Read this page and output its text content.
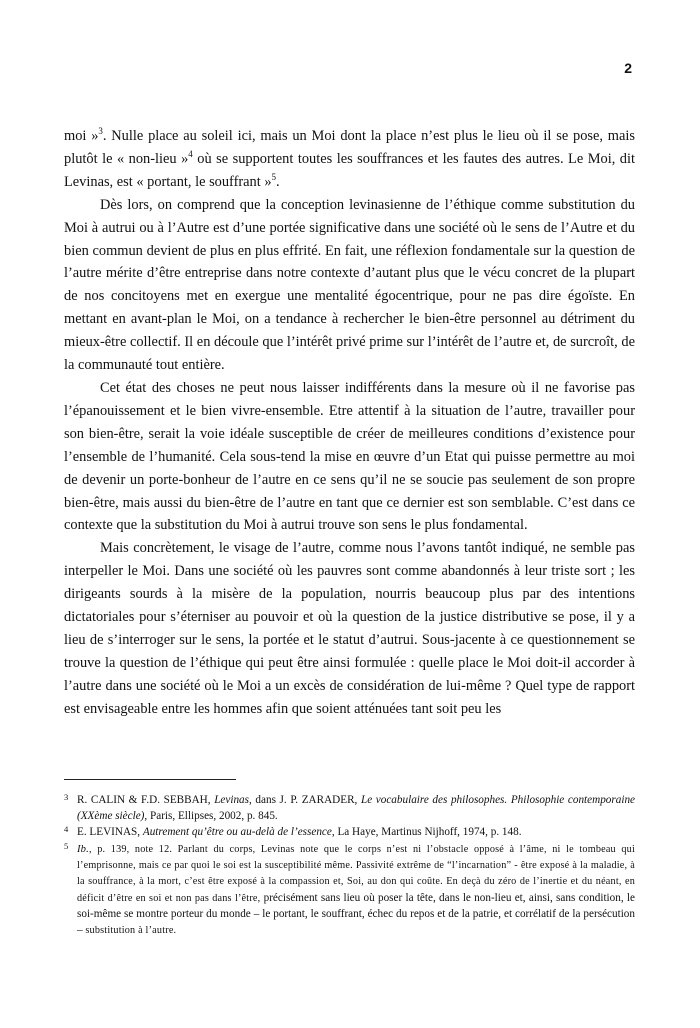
2

moi »$^3$. Nulle place au soleil ici, mais un Moi dont la place n’est plus le lieu où il se pose, mais plutôt le « non-lieu »$^4$ où se supportent toutes les souffrances et les fautes des autres. Le Moi, dit Levinas, est « portant, le souffrant »$^5$.

Dès lors, on comprend que la conception levinasienne de l’éthique comme substitution du Moi à autrui ou à l’Autre est d’une portée significative dans une société où le sens de l’Autre et du bien commun devient de plus en plus effrité. En fait, une réflexion fondamentale sur la question de l’autre mérite d’être entreprise dans notre contexte d’autant plus que le vécu concret de la plupart de nos concitoyens met en exergue une mentalité égocentrique, pour ne pas dire égoïste. En mettant en avant-plan le Moi, on a tendance à rechercher le bien-être personnel au détriment du mieux-être collectif. Il en découle que l’intérêt privé prime sur l’intérêt de l’autre et, de surcroît, de la communauté tout entière.

Cet état des choses ne peut nous laisser indifférents dans la mesure où il ne favorise pas l’épanouissement et le bien vivre-ensemble. Etre attentif à la situation de l’autre, travailler pour son bien-être, serait la voie idéale susceptible de créer de meilleures conditions d’existence pour l’ensemble de l’humanité. Cela sous-tend la mise en œuvre d’un Etat qui puisse permettre au moi de devenir un porte-bonheur de l’autre en ce sens qu’il ne se soucie pas seulement de son propre bien-être, mais aussi du bien-être de l’autre en tant que ce dernier est son semblable. C’est dans ce contexte que la substitution du Moi à autrui trouve son sens le plus fondamental.

Mais concrètement, le visage de l’autre, comme nous l’avons tantôt indiqué, ne semble pas interpeller le Moi. Dans une société où les pauvres sont comme abandonnés à leur triste sort ; les dirigeants sourds à la misère de la population, nourris beaucoup plus par des intentions dictatoriales pour s’éterniser au pouvoir et où la question de la justice distributive se pose, il y a lieu de s’interroger sur le sens, la portée et le statut d’autrui. Sous-jacente à ce questionnement se trouve la question de l’éthique qui peut être ainsi formulée : quelle place le Moi doit-il accorder à l’autre dans une société où le Moi a un excès de considération de lui-même ? Quel type de rapport est envisageable entre les hommes afin que soient atténuées tant soit peu les

3 R. CALIN & F.D. SEBBAH, Levinas, dans J. P. ZARADER, Le vocabulaire des philosophes. Philosophie contemporaine (XXème siècle), Paris, Ellipses, 2002, p. 845.

4 E. LEVINAS, Autrement qu’être ou au-delà de l’essence, La Haye, Martinus Nijhoff, 1974, p. 148.

5 Ib., p. 139, note 12. Parlant du corps, Levinas note que le corps n’est ni l’obstacle opposé à l’âme, ni le tombeau qui l’emprisonne, mais ce par quoi le soi est la susceptibilité même. Passivité extrême de “l’incarnation” - être exposé à la maladie, à la souffrance, à la mort, c’est être exposé à la compassion et, Soi, au don qui coûte. En deçà du zéro de l’inertie et du néant, en déficit d’être en soi et non pas dans l’être, précisément sans lieu où poser la tête, dans le non-lieu et, ainsi, sans condition, le soi-même se montre porteur du monde – le portant, le souffrant, échec du repos et de la patrie, et corrélatif de la persécution – substitution à l’autre.
